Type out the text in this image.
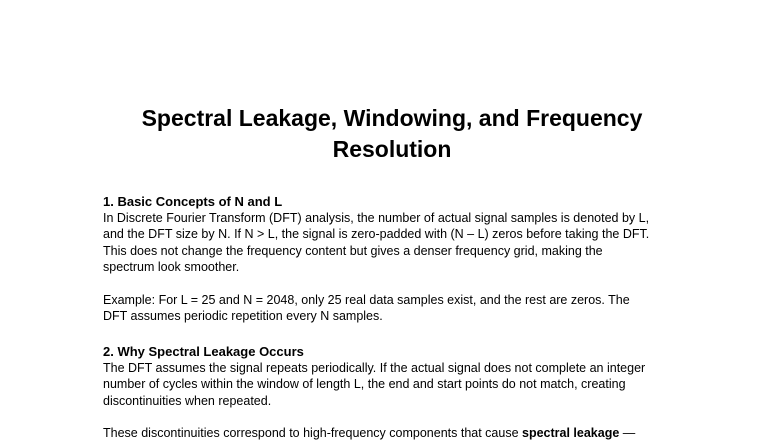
Spectral Leakage, Windowing, and Frequency
Resolution

1. Basic Concepts of N and L

In Discrete Fourier Transform (DFT) analysis, the number of actual signal samples is denoted by L,
and the DFT size by N. If N > L, the signal is zero-padded with (N – L) zeros before taking the DFT.
This does not change the frequency content but gives a denser frequency grid, making the
spectrum look smoother.

Example: For L = 25 and N = 2048, only 25 real data samples exist, and the rest are zeros. The
DFT assumes periodic repetition every N samples.

2. Why Spectral Leakage Occurs

The DFT assumes the signal repeats periodically. If the actual signal does not complete an integer
number of cycles within the window of length L, the end and start points do not match, creating
discontinuities when repeated.

These discontinuities correspond to high-frequency components that cause spectral leakage —
